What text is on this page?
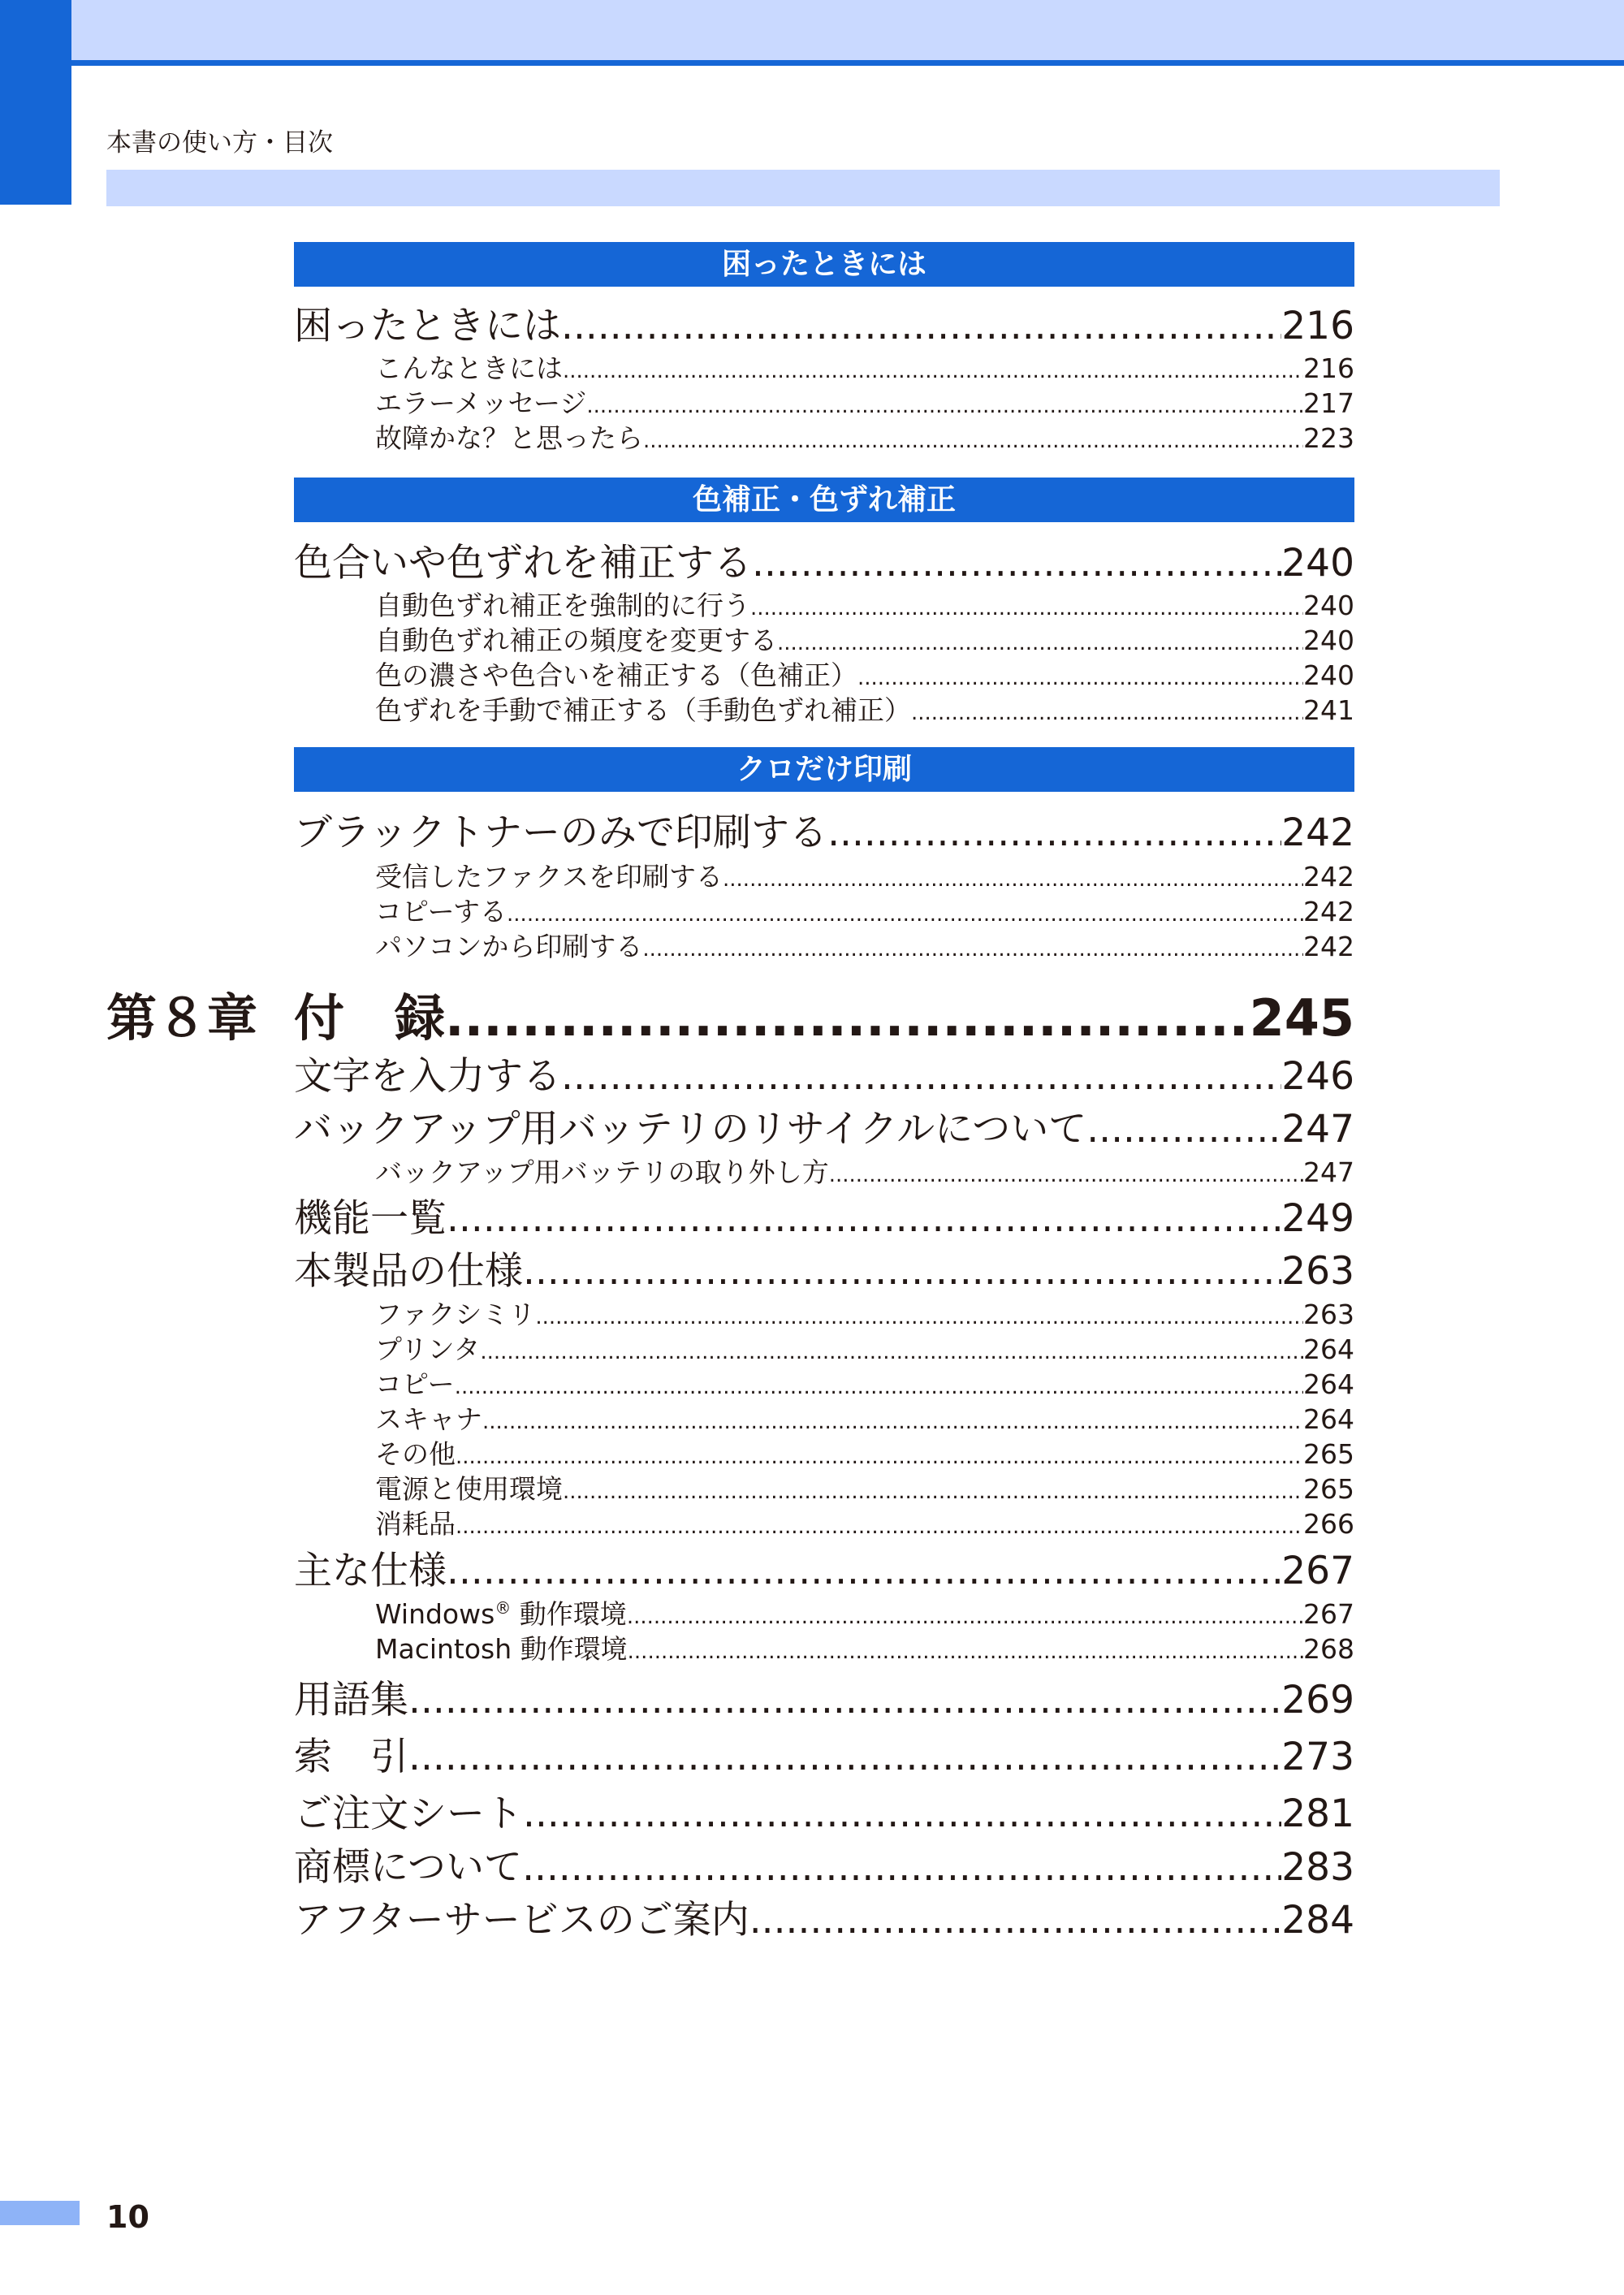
本書の使い方・目次
困ったときには
困ったときには .....	216
こんなときには .....	216
エラーメッセージ .....	217
故障かな？と思ったら .....	223
色補正・色ずれ補正
色合いや色ずれを補正する .....	240
自動色ずれ補正を強制的に行う .....	240
自動色ずれ補正の頻度を変更する .....	240
色の濃さや色合いを補正する（色補正） .....	240
色ずれを手動で補正する（手動色ずれ補正） .....	241
クロだけ印刷
ブラックトナーのみで印刷する .....	242
受信したファクスを印刷する .....	242
コピーする .....	242
パソコンから印刷する .....	242
第８章 付　録 .....	245
文字を入力する .....	246
バックアップ用バッテリのリサイクルについて .....	247
バックアップ用バッテリの取り外し方 .....	247
機能一覧 .....	249
本製品の仕様 .....	263
ファクシミリ .....	263
プリンタ .....	264
コピー .....	264
スキャナ .....	264
その他 .....	265
電源と使用環境 .....	265
消耗品 .....	266
主な仕様 .....	267
Windows® 動作環境 .....	267
Macintosh 動作環境 .....	268
用語集 .....	269
索　引 .....	273
ご注文シート .....	281
商標について .....	283
アフターサービスのご案内 .....	284
10
